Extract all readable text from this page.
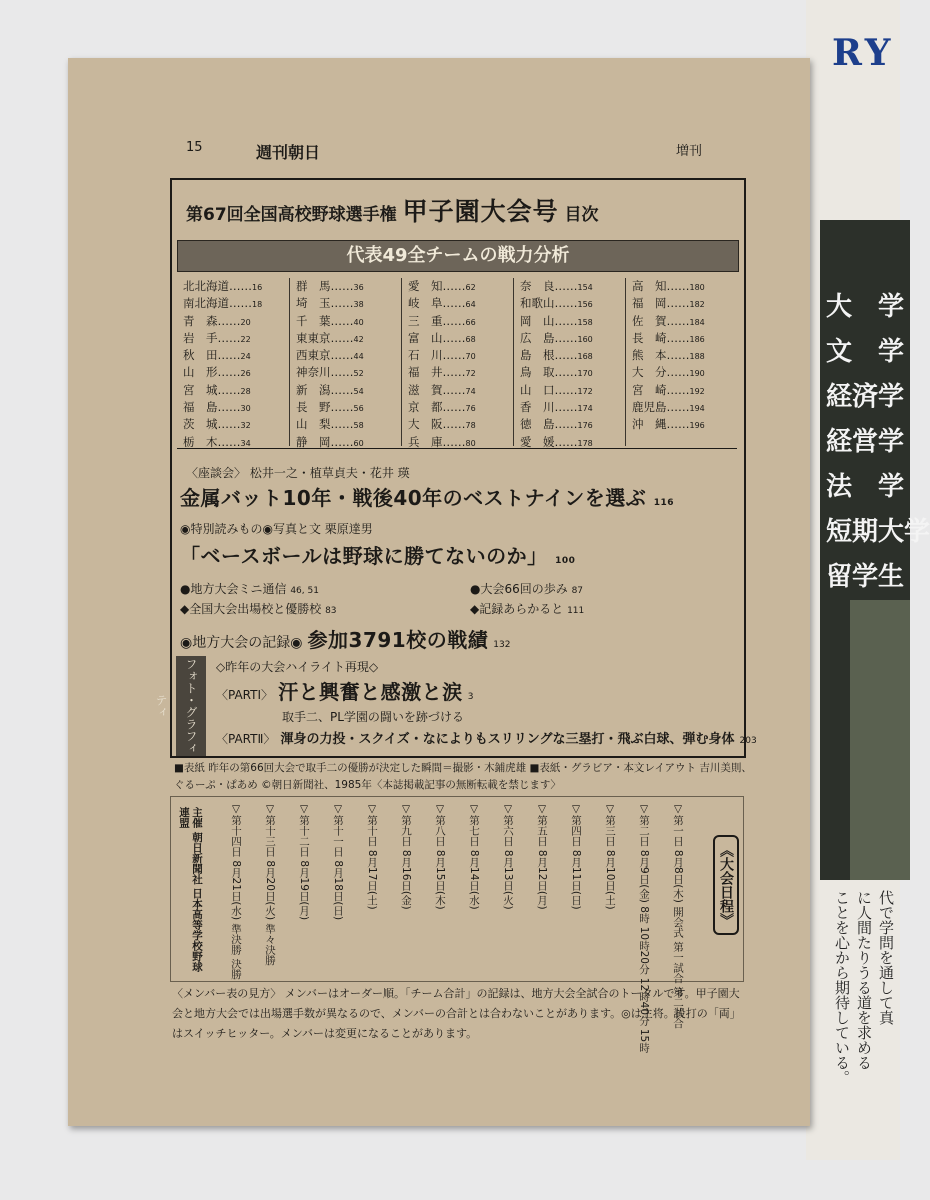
RY
大　学
文　学
経済学
経営学
法　学
短期大学
留学生
代で学問を通して真
に人間たりうる道を求める
ことを心から期待している。
15	週刊朝日	増刊
第67回全国高校野球選手権 甲子園大会号 目次
代表49全チームの戦力分析
北北海道……16
南北海道……18
青　森……20
岩　手……22
秋　田……24
山　形……26
宮　城……28
福　島……30
茨　城……32
栃　木……34
群　馬……36
埼　玉……38
千　葉……40
東東京……42
西東京……44
神奈川……52
新　潟……54
長　野……56
山　梨……58
静　岡……60
愛　知……62
岐　阜……64
三　重……66
富　山……68
石　川……70
福　井……72
滋　賀……74
京　都……76
大　阪……78
兵　庫……80
奈　良……154
和歌山……156
岡　山……158
広　島……160
島　根……168
鳥　取……170
山　口……172
香　川……174
徳　島……176
愛　媛……178
高　知……180
福　岡……182
佐　賀……184
長　崎……186
熊　本……188
大　分……190
宮　崎……192
鹿児島……194
沖　縄……196
〈座談会〉 松井一之・植草貞夫・花井 瑛
金属バット10年・戦後40年のベストナインを選ぶ 116
◉特別読みもの◉写真と文 栗原達男
「ベースボールは野球に勝てないのか」 100
●地方大会ミニ通信 46, 51	●大会66回の歩み 87
◆全国大会出場校と優勝校 83	◆記録あらかると 111
◉地方大会の記録◉ 参加3791校の戦績 132
フォト・グラフィティ
◇昨年の大会ハイライト再現◇
〈PARTⅠ〉 汗と興奮と感激と涙 3
取手二、PL学園の闘いを跡づける
〈PARTⅡ〉 渾身の力投・スクイズ・なによりもスリリングな三塁打・飛ぶ白球、弾む身体 203
■表紙 昨年の第66回大会で取手二の優勝が決定した瞬間＝撮影・木鋪虎雄 ■表紙・グラビア・本文レイアウト 吉川美則、ぐるーぷ・ぱあめ ©朝日新聞社、1985年〈本誌掲載記事の無断転載を禁じます〉
主催 朝日新聞社 日本高等学校野球連盟
《大会日程》
▽第一日 8月8日(木) 開会式 第一試合 第二試合
▽第二日 8月9日(金) 8時 10時20分 12時40分 15時
▽第三日 8月10日(土)
▽第四日 8月11日(日)
▽第五日 8月12日(月)
▽第六日 8月13日(火)
▽第七日 8月14日(水)
▽第八日 8月15日(木)
▽第九日 8月16日(金)
▽第十日 8月17日(土)
▽第十一日 8月18日(日)
▽第十二日 8月19日(月)
▽第十三日 8月20日(火) 準々決勝
▽第十四日 8月21日(水) 準決勝 決勝
〈メンバー表の見方〉 メンバーはオーダー順。「チーム合計」の記録は、地方大会全試合のトータルです。甲子園大会と地方大会では出場選手数が異なるので、メンバーの合計とは合わないことがあります。◎は主将。投打の「両」はスイッチヒッター。メンバーは変更になることがあります。
